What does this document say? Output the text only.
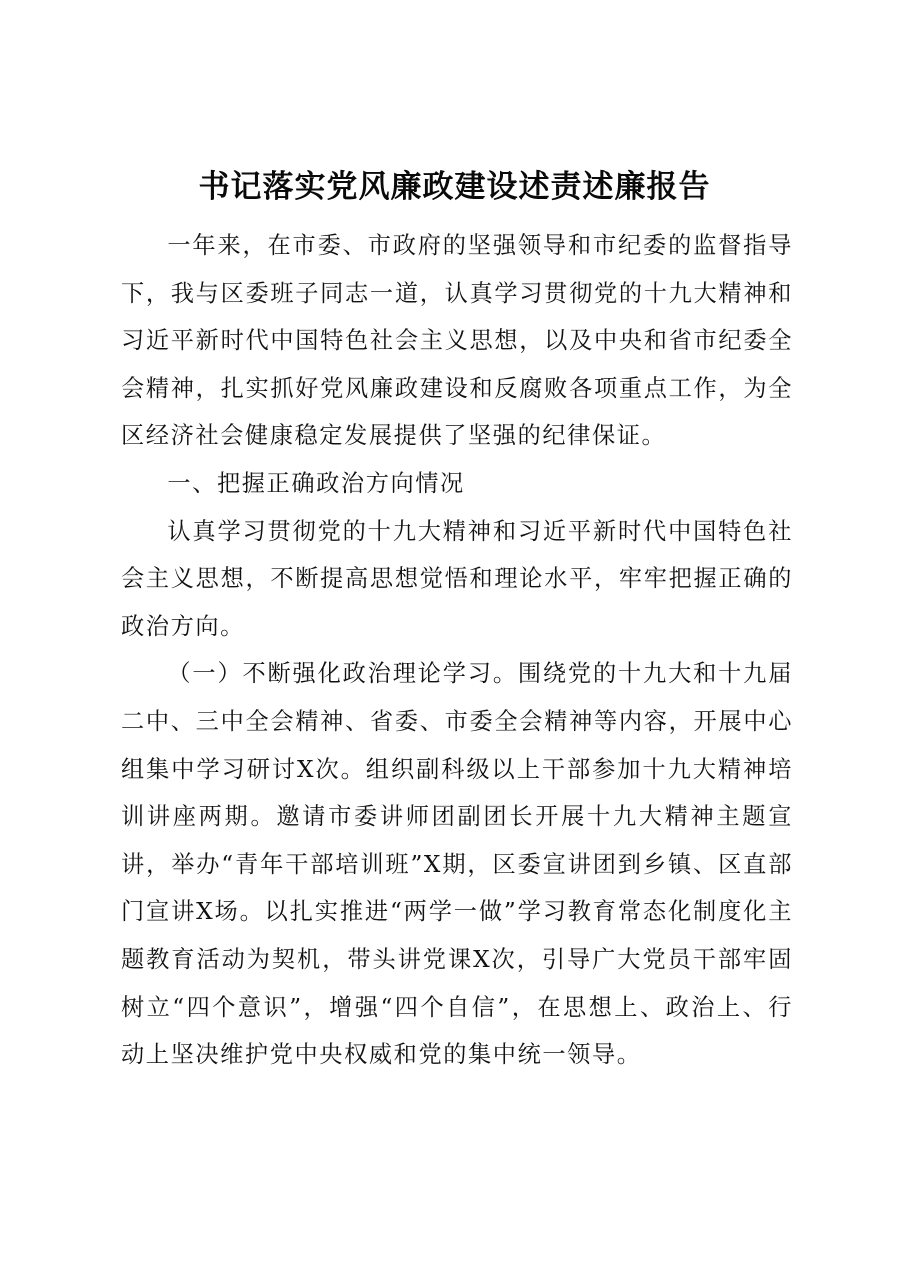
书记落实党风廉政建设述责述廉报告

一年来，在市委、市政府的坚强领导和市纪委的监督指导下，我与区委班子同志一道，认真学习贯彻党的十九大精神和习近平新时代中国特色社会主义思想，以及中央和省市纪委全会精神，扎实抓好党风廉政建设和反腐败各项重点工作，为全区经济社会健康稳定发展提供了坚强的纪律保证。

一、把握正确政治方向情况

认真学习贯彻党的十九大精神和习近平新时代中国特色社会主义思想，不断提高思想觉悟和理论水平，牢牢把握正确的政治方向。

（一）不断强化政治理论学习。围绕党的十九大和十九届二中、三中全会精神、省委、市委全会精神等内容，开展中心组集中学习研讨X次。组织副科级以上干部参加十九大精神培训讲座两期。邀请市委讲师团副团长开展十九大精神主题宣讲，举办“青年干部培训班”X期，区委宣讲团到乡镇、区直部门宣讲X场。以扎实推进“两学一做”学习教育常态化制度化主题教育活动为契机，带头讲党课X次，引导广大党员干部牢固树立“四个意识”，增强“四个自信”，在思想上、政治上、行动上坚决维护党中央权威和党的集中统一领导。
